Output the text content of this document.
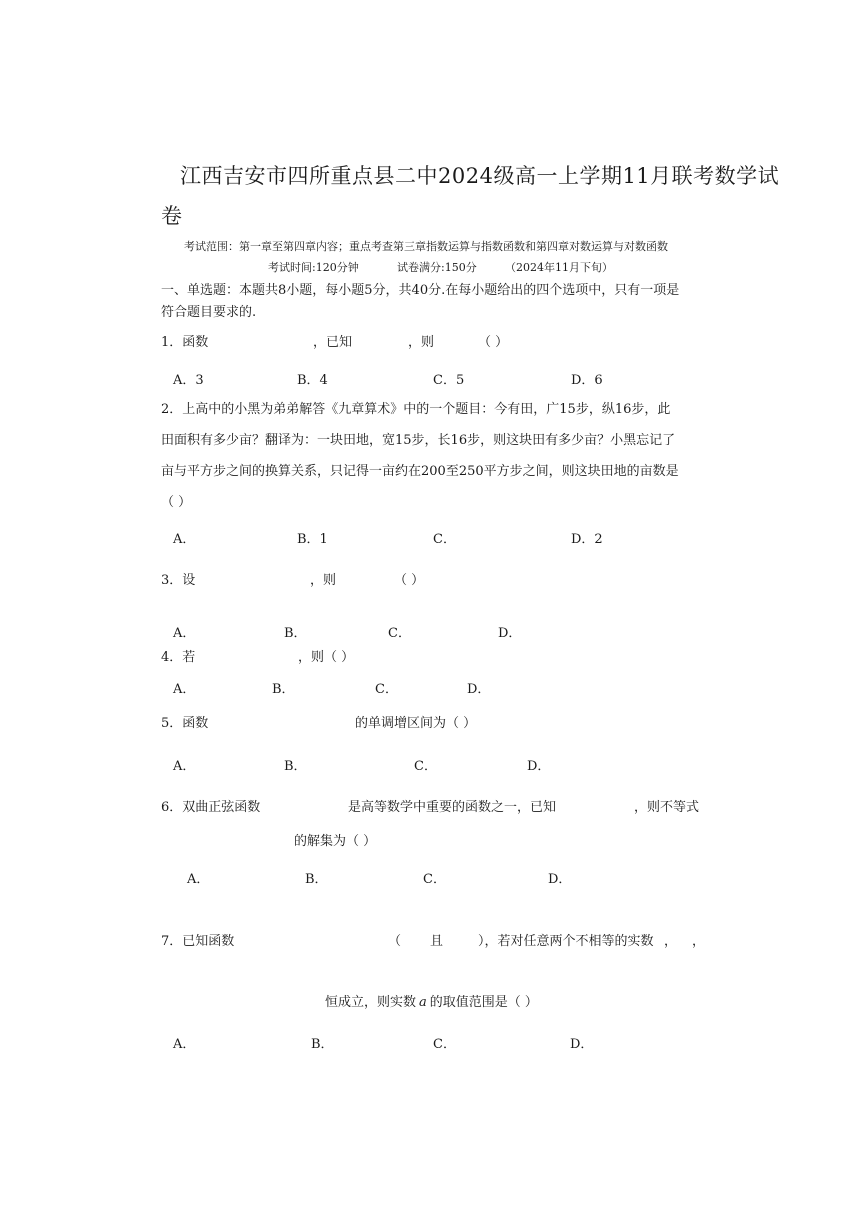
江西吉安市四所重点县二中2024级高一上学期11月联考数学试
卷
考试范围：第一章至第四章内容；重点考查第三章指数运算与指数函数和第四章对数运算与对数函数
考试时间:120分钟	试卷满分:150分	（2024年11月下旬）
一、单选题：本题共8小题，每小题5分，共40分.在每小题给出的四个选项中，只有一项是
符合题目要求的.
1．函数	，已知	，则	（ ）
A．3	B．4	C．5	D．6
2．上高中的小黑为弟弟解答《九章算术》中的一个题目：今有田，广15步，纵16步，此
田面积有多少亩？翻译为：一块田地，宽15步，长16步，则这块田有多少亩？小黑忘记了
亩与平方步之间的换算关系，只记得一亩约在200至250平方步之间，则这块田地的亩数是
（ ）
A．	B．1	C．	D．2
3．设	，则	（ ）
A．	B．	C．	D．
4．若	，则（ ）
A．	B．	C．	D．
5．函数	的单调增区间为（ ）
A．	B．	C．	D．
6．双曲正弦函数	是高等数学中重要的函数之一，已知	，则不等式
的解集为（ ）
A．	B．	C．	D．
7．已知函数	（ 且	），若对任意两个不相等的实数 ， ，
恒成立，则实数 a 的取值范围是（ ）
A．	B．	C．	D．
